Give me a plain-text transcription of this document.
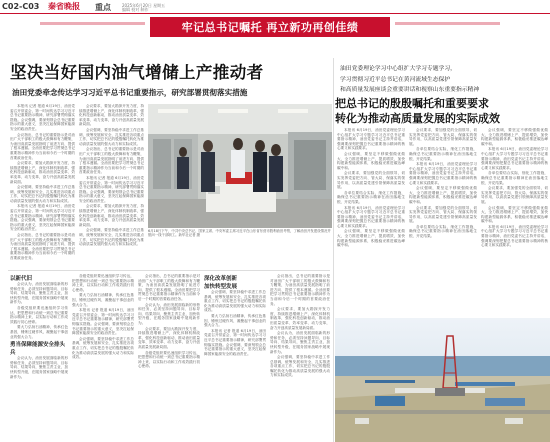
C02-C03 秦省晚报 重点	2025年6月20日 星期五
编辑 校对 制作
牢记总书记嘱托 再立新功再创佳绩
坚决当好国内油气增储上产推动者
油田党委牵念传达学习习近平总书记重要指示，研究部署贯彻落实措施
油田党委理论学习中心组扩大学习专题学习，
学习贯彻习近平总书记在黄河流域生态保护
和高质量发展座谈会重要讲话和视察山东重要指示精神
把总书记的殷殷嘱托和重要要求
转化为推动高质量发展的实际成效

本报讯 记者 报道 6月19日，油田党委召开常委会，第一时间传达学习习近平总书记重要指示精神，研究部署贯彻落实措施。会议强调，要深刻领会总书记重要指示的重大意义，坚决扛起保障国家能源安全的政治责任。

会议指出，总书记的重要指示是对油田广大干部职工的极大鼓舞和有力鞭策，为油田高质量发展指明了前进方向、提供了根本遵循。全油田要把学习贯彻总书记重要指示精神作为当前和今后一个时期的首要政治任务。

会议要求，要加大勘探开发力度，持续推进增储上产，深化体制机制改革，强化科技创新驱动，推动油田质量变革、效率变革、动力变革，奋力开创高质量发展新局面。

会议强调，要坚持稳中求进工作总基调，统筹发展和安全，扎实推进各项重点工作，切实把总书记的殷殷嘱托转化为推动高质量发展的强大动力和实际成效。

本报讯 记者 报道 6月19日，油田党委召开常委会，第一时间传达学习习近平总书记重要指示精神，研究部署贯彻落实措施。会议强调，要深刻领会总书记重要指示的重大意义，坚决扛起保障国家能源安全的政治责任。

会议指出，总书记的重要指示是对油田广大干部职工的极大鼓舞和有力鞭策，为油田高质量发展指明了前进方向、提供了根本遵循。全油田要把学习贯彻总书记重要指示精神作为当前和今后一个时期的首要政治任务。

会议要求，要加大勘探开发力度，持续推进增储上产，深化体制机制改革，强化科技创新驱动，推动油田质量变革、效率变革、动力变革，奋力开创高质量发展新局面。

会议强调，要坚持稳中求进工作总基调，统筹发展和安全，扎实推进各项重点工作，切实把总书记的殷殷嘱托转化为推动高质量发展的强大动力和实际成效。

会议指出，总书记的重要指示是对油田广大干部职工的极大鼓舞和有力鞭策，为油田高质量发展指明了前进方向、提供了根本遵循。全油田要把学习贯彻总书记重要指示精神作为当前和今后一个时期的首要政治任务。

本报讯 记者 报道 6月19日，油田党委召开常委会，第一时间传达学习习近平总书记重要指示精神，研究部署贯彻落实措施。会议强调，要深刻领会总书记重要指示的重大意义，坚决扛起保障国家能源安全的政治责任。

会议要求，要加大勘探开发力度，持续推进增储上产，深化体制机制改革，强化科技创新驱动，推动油田质量变革、效率变革、动力变革，奋力开创高质量发展新局面。

会议强调，要坚持稳中求进工作总基调，统筹发展和安全，扎实推进各项重点工作，切实把总书记的殷殷嘱托转化为推动高质量发展的强大动力和实际成效。

6月18日下午，中共中央总书记、国家主席、中央军委主席习近平在山东省东营市胜利油田考察，了解油田开发建设情况并慰问一线干部职工。新华社记者 摄
以新代旧

会议认为，油田发展面临新的形势和任务，必须坚持问题导向、目标导向、结果导向，聚焦主责主业，加快转型升级，在服务国家战略中展现新作为。

各级党组织要迅速组织学习传达，把思想和行动统一到总书记重要指示精神上来，以实际行动和工作成效践行初心使命。

要大力弘扬石油精神，传承红色基因，锤炼过硬作风，凝聚起干事创业的强大合力。

勇当保障能源安全排头兵

会议认为，油田发展面临新的形势和任务，必须坚持问题导向、目标导向、结果导向，聚焦主责主业，加快转型升级，在服务国家战略中展现新作为。

各级党组织要迅速组织学习传达，把思想和行动统一到总书记重要指示精神上来，以实际行动和工作成效践行初心使命。

要大力弘扬石油精神，传承红色基因，锤炼过硬作风，凝聚起干事创业的强大合力。

本报讯 记者 报道 6月19日，油田党委召开常委会，第一时间传达学习习近平总书记重要指示精神，研究部署贯彻落实措施。会议强调，要深刻领会总书记重要指示的重大意义，坚决扛起保障国家能源安全的政治责任。

会议强调，要坚持稳中求进工作总基调，统筹发展和安全，扎实推进各项重点工作，切实把总书记的殷殷嘱托转化为推动高质量发展的强大动力和实际成效。

会议指出，总书记的重要指示是对油田广大干部职工的极大鼓舞和有力鞭策，为油田高质量发展指明了前进方向、提供了根本遵循。全油田要把学习贯彻总书记重要指示精神作为当前和今后一个时期的首要政治任务。

会议认为，油田发展面临新的形势和任务，必须坚持问题导向、目标导向、结果导向，聚焦主责主业，加快转型升级，在服务国家战略中展现新作为。

会议要求，要加大勘探开发力度，持续推进增储上产，深化体制机制改革，强化科技创新驱动，推动油田质量变革、效率变革、动力变革，奋力开创高质量发展新局面。

各级党组织要迅速组织学习传达，把思想和行动统一到总书记重要指示精神上来，以实际行动和工作成效践行初心使命。

深化改革创新
加快转型发展

会议强调，要坚持稳中求进工作总基调，统筹发展和安全，扎实推进各项重点工作，切实把总书记的殷殷嘱托转化为推动高质量发展的强大动力和实际成效。

要大力弘扬石油精神，传承红色基因，锤炼过硬作风，凝聚起干事创业的强大合力。

本报讯 记者 报道 6月19日，油田党委召开常委会，第一时间传达学习习近平总书记重要指示精神，研究部署贯彻落实措施。会议强调，要深刻领会总书记重要指示的重大意义，坚决扛起保障国家能源安全的政治责任。

会议指出，总书记的重要指示是对油田广大干部职工的极大鼓舞和有力鞭策，为油田高质量发展指明了前进方向、提供了根本遵循。全油田要把学习贯彻总书记重要指示精神作为当前和今后一个时期的首要政治任务。

会议要求，要加大勘探开发力度，持续推进增储上产，深化体制机制改革，强化科技创新驱动，推动油田质量变革、效率变革、动力变革，奋力开创高质量发展新局面。

会议认为，油田发展面临新的形势和任务，必须坚持问题导向、目标导向、结果导向，聚焦主责主业，加快转型升级，在服务国家战略中展现新作为。

会议强调，要坚持稳中求进工作总基调，统筹发展和安全，扎实推进各项重点工作，切实把总书记的殷殷嘱托转化为推动高质量发展的强大动力和实际成效。

本报讯 6月19日，油田党委理论学习中心组扩大学习专题学习习近平总书记重要指示精神，油田党委书记主持并讲话，强调要深刻把握总书记重要指示精神的核心要义和实践要求。

会议强调，要坚定不移做强做优做大，全力推进增储上产、提质增效，加快构建新型能源体系，积极稳妥推进碳达峰碳中和。

会议要求，要加强党的全面领导，切实发挥党委把方向、管大局、保落实的领导作用，以高质量党建引领保障高质量发展。

各单位要结合实际，细化工作措施，确保总书记重要指示精神在油田落地生根、开花结果。

本报讯 6月19日，油田党委理论学习中心组扩大学习专题学习习近平总书记重要指示精神，油田党委书记主持并讲话，强调要深刻把握总书记重要指示精神的核心要义和实践要求。

会议强调，要坚定不移做强做优做大，全力推进增储上产、提质增效，加快构建新型能源体系，积极稳妥推进碳达峰碳中和。

会议要求，要加强党的全面领导，切实发挥党委把方向、管大局、保落实的领导作用，以高质量党建引领保障高质量发展。

各单位要结合实际，细化工作措施，确保总书记重要指示精神在油田落地生根、开花结果。

本报讯 6月19日，油田党委理论学习中心组扩大学习专题学习习近平总书记重要指示精神，油田党委书记主持并讲话，强调要深刻把握总书记重要指示精神的核心要义和实践要求。

会议强调，要坚定不移做强做优做大，全力推进增储上产、提质增效，加快构建新型能源体系，积极稳妥推进碳达峰碳中和。

会议要求，要加强党的全面领导，切实发挥党委把方向、管大局、保落实的领导作用，以高质量党建引领保障高质量发展。

各单位要结合实际，细化工作措施，确保总书记重要指示精神在油田落地生根、开花结果。

会议强调，要坚定不移做强做优做大，全力推进增储上产、提质增效，加快构建新型能源体系，积极稳妥推进碳达峰碳中和。

本报讯 6月19日，油田党委理论学习中心组扩大学习专题学习习近平总书记重要指示精神，油田党委书记主持并讲话，强调要深刻把握总书记重要指示精神的核心要义和实践要求。

各单位要结合实际，细化工作措施，确保总书记重要指示精神在油田落地生根、开花结果。

会议要求，要加强党的全面领导，切实发挥党委把方向、管大局、保落实的领导作用，以高质量党建引领保障高质量发展。

会议强调，要坚定不移做强做优做大，全力推进增储上产、提质增效，加快构建新型能源体系，积极稳妥推进碳达峰碳中和。

本报讯 6月19日，油田党委理论学习中心组扩大学习专题学习习近平总书记重要指示精神，油田党委书记主持并讲话，强调要深刻把握总书记重要指示精神的核心要义和实践要求。
